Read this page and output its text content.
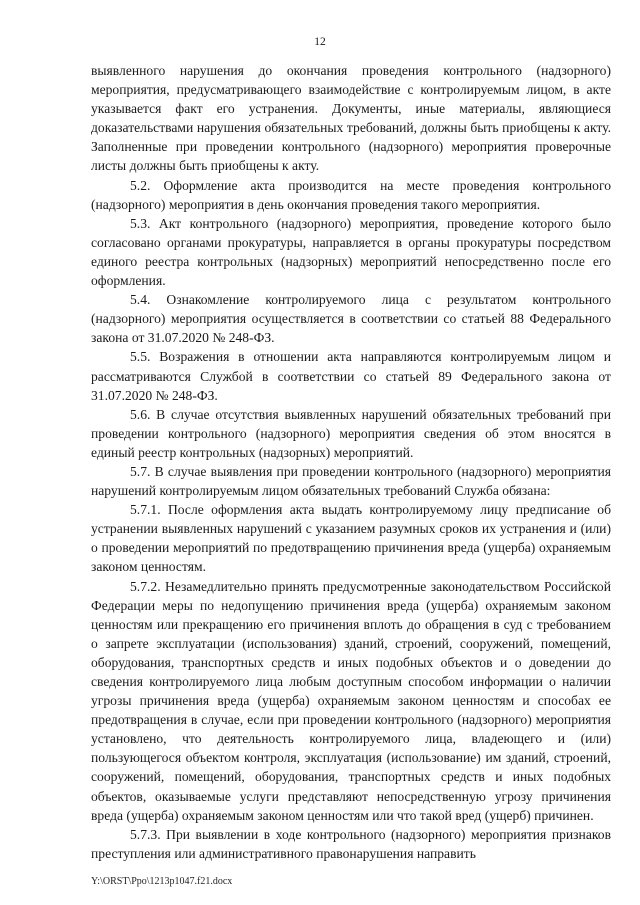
12

выявленного нарушения до окончания проведения контрольного (надзорного) мероприятия, предусматривающего взаимодействие с контролируемым лицом, в акте указывается факт его устранения. Документы, иные материалы, являющиеся доказательствами нарушения обязательных требований, должны быть приобщены к акту. Заполненные при проведении контрольного (надзорного) мероприятия проверочные листы должны быть приобщены к акту.

5.2. Оформление акта производится на месте проведения контрольного (надзорного) мероприятия в день окончания проведения такого мероприятия.

5.3. Акт контрольного (надзорного) мероприятия, проведение которого было согласовано органами прокуратуры, направляется в органы прокуратуры посредством единого реестра контрольных (надзорных) мероприятий непосредственно после его оформления.

5.4. Ознакомление контролируемого лица с результатом контрольного (надзорного) мероприятия осуществляется в соответствии со статьей 88 Федерального закона от 31.07.2020 № 248-ФЗ.

5.5. Возражения в отношении акта направляются контролируемым лицом и рассматриваются Службой в соответствии со статьей 89 Федерального закона от 31.07.2020 № 248-ФЗ.

5.6. В случае отсутствия выявленных нарушений обязательных требований при проведении контрольного (надзорного) мероприятия сведения об этом вносятся в единый реестр контрольных (надзорных) мероприятий.

5.7. В случае выявления при проведении контрольного (надзорного) мероприятия нарушений контролируемым лицом обязательных требований Служба обязана:

5.7.1. После оформления акта выдать контролируемому лицу предписание об устранении выявленных нарушений с указанием разумных сроков их устранения и (или) о проведении мероприятий по предотвращению причинения вреда (ущерба) охраняемым законом ценностям.

5.7.2. Незамедлительно принять предусмотренные законодательством Российской Федерации меры по недопущению причинения вреда (ущерба) охраняемым законом ценностям или прекращению его причинения вплоть до обращения в суд с требованием о запрете эксплуатации (использования) зданий, строений, сооружений, помещений, оборудования, транспортных средств и иных подобных объектов и о доведении до сведения контролируемого лица любым доступным способом информации о наличии угрозы причинения вреда (ущерба) охраняемым законом ценностям и способах ее предотвращения в случае, если при проведении контрольного (надзорного) мероприятия установлено, что деятельность контролируемого лица, владеющего и (или) пользующегося объектом контроля, эксплуатация (использование) им зданий, строений, сооружений, помещений, оборудования, транспортных средств и иных подобных объектов, оказываемые услуги представляют непосредственную угрозу причинения вреда (ущерба) охраняемым законом ценностям или что такой вред (ущерб) причинен.

5.7.3. При выявлении в ходе контрольного (надзорного) мероприятия признаков преступления или административного правонарушения направить

Y:\ORST\Ppo\1213p1047.f21.docx
